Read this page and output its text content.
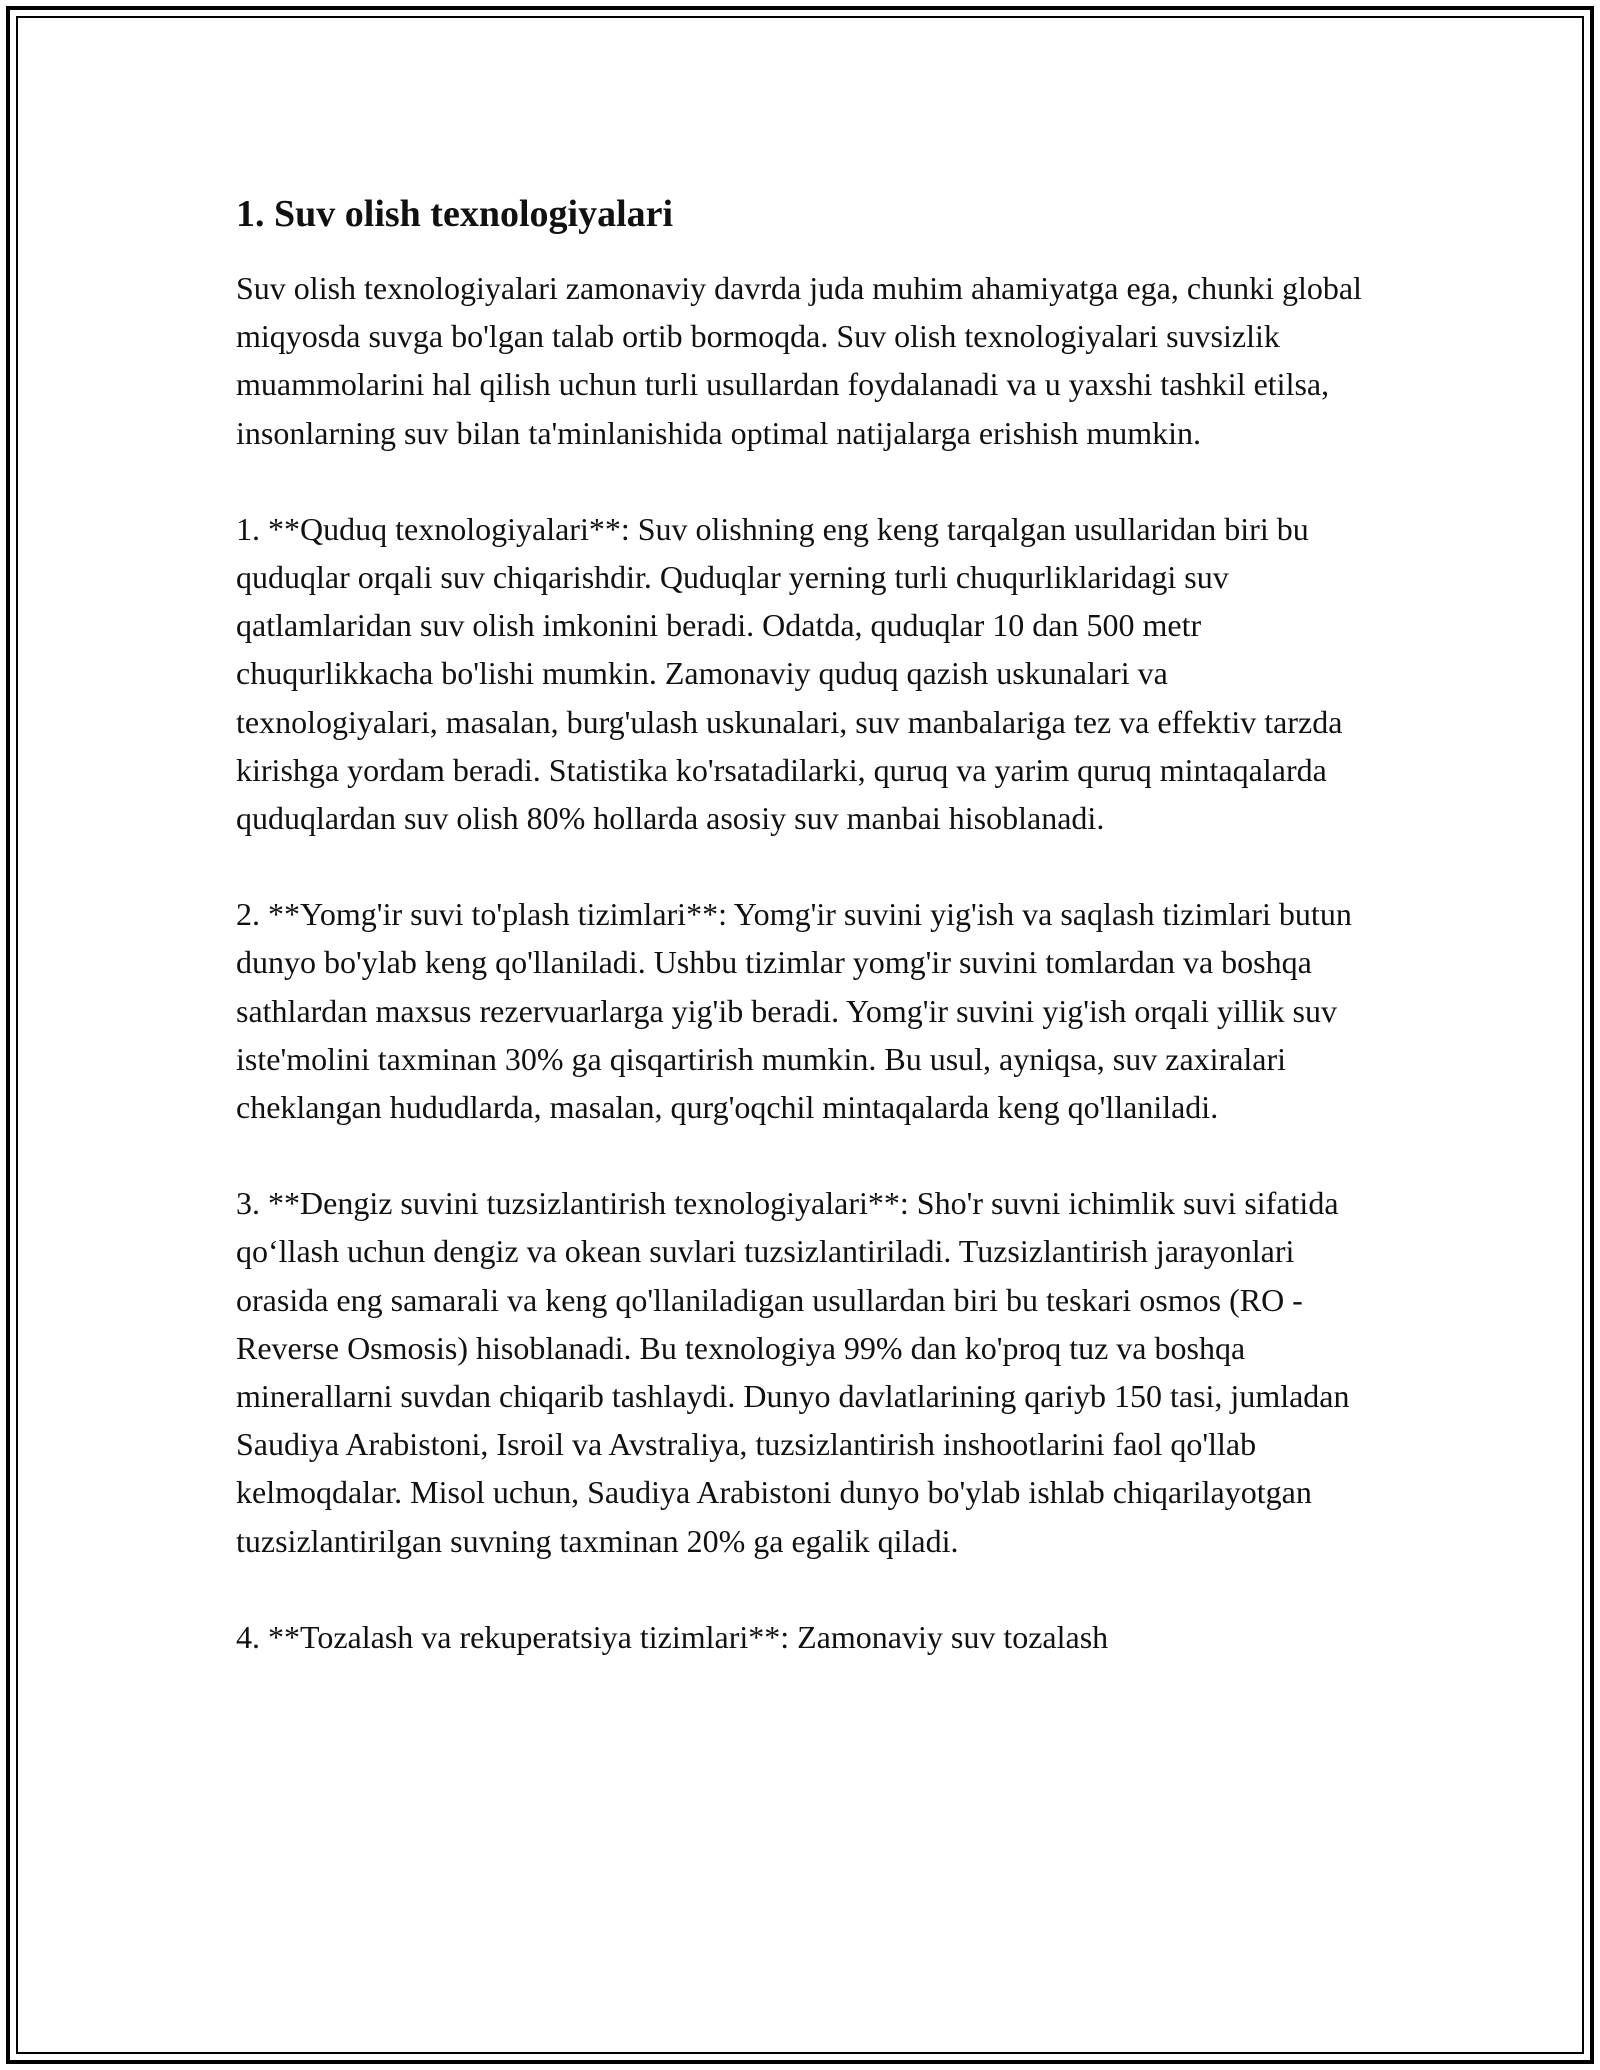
1. Suv olish texnologiyalari

Suv olish texnologiyalari zamonaviy davrda juda muhim ahamiyatga ega, chunki global miqyosda suvga bo'lgan talab ortib bormoqda. Suv olish texnologiyalari suvsizlik muammolarini hal qilish uchun turli usullardan foydalanadi va u yaxshi tashkil etilsa, insonlarning suv bilan ta'minlanishida optimal natijalarga erishish mumkin.

1. **Quduq texnologiyalari**: Suv olishning eng keng tarqalgan usullaridan biri bu quduqlar orqali suv chiqarishdir. Quduqlar yerning turli chuqurliklaridagi suv qatlamlaridan suv olish imkonini beradi. Odatda, quduqlar 10 dan 500 metr chuqurlikkacha bo'lishi mumkin. Zamonaviy quduq qazish uskunalari va texnologiyalari, masalan, burg'ulash uskunalari, suv manbalariga tez va effektiv tarzda kirishga yordam beradi. Statistika ko'rsatadilarki, quruq va yarim quruq mintaqalarda quduqlardan suv olish 80% hollarda asosiy suv manbai hisoblanadi.

2. **Yomg'ir suvi to'plash tizimlari**: Yomg'ir suvini yig'ish va saqlash tizimlari butun dunyo bo'ylab keng qo'llaniladi. Ushbu tizimlar yomg'ir suvini tomlardan va boshqa sathlardan maxsus rezervuarlarga yig'ib beradi. Yomg'ir suvini yig'ish orqali yillik suv iste'molini taxminan 30% ga qisqartirish mumkin. Bu usul, ayniqsa, suv zaxiralari cheklangan hududlarda, masalan, qurg'oqchil mintaqalarda keng qo'llaniladi.

3. **Dengiz suvini tuzsizlantirish texnologiyalari**: Sho'r suvni ichimlik suvi sifatida qo‘llash uchun dengiz va okean suvlari tuzsizlantiriladi. Tuzsizlantirish jarayonlari orasida eng samarali va keng qo'llaniladigan usullardan biri bu teskari osmos (RO - Reverse Osmosis) hisoblanadi. Bu texnologiya 99% dan ko'proq tuz va boshqa minerallarni suvdan chiqarib tashlaydi. Dunyo davlatlarining qariyb 150 tasi, jumladan Saudiya Arabistoni, Isroil va Avstraliya, tuzsizlantirish inshootlarini faol qo'llab kelmoqdalar. Misol uchun, Saudiya Arabistoni dunyo bo'ylab ishlab chiqarilayotgan tuzsizlantirilgan suvning taxminan 20% ga egalik qiladi.

4. **Tozalash va rekuperatsiya tizimlari**: Zamonaviy suv tozalash
